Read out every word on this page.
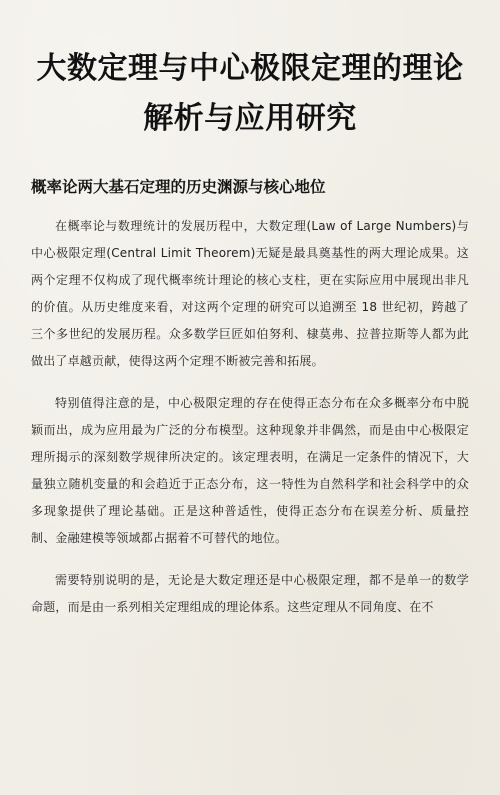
大数定理与中心极限定理的理论解析与应用研究
概率论两大基石定理的历史渊源与核心地位

在概率论与数理统计的发展历程中，大数定理(Law of Large Numbers)与中心极限定理(Central Limit Theorem)无疑是最具奠基性的两大理论成果。这两个定理不仅构成了现代概率统计理论的核心支柱，更在实际应用中展现出非凡的价值。从历史维度来看，对这两个定理的研究可以追溯至 18 世纪初，跨越了三个多世纪的发展历程。众多数学巨匠如伯努利、棣莫弗、拉普拉斯等人都为此做出了卓越贡献，使得这两个定理不断被完善和拓展。

特别值得注意的是，中心极限定理的存在使得正态分布在众多概率分布中脱颖而出，成为应用最为广泛的分布模型。这种现象并非偶然，而是由中心极限定理所揭示的深刻数学规律所决定的。该定理表明，在满足一定条件的情况下，大量独立随机变量的和会趋近于正态分布，这一特性为自然科学和社会科学中的众多现象提供了理论基础。正是这种普适性，使得正态分布在误差分析、质量控制、金融建模等领域都占据着不可替代的地位。

需要特别说明的是，无论是大数定理还是中心极限定理，都不是单一的数学命题，而是由一系列相关定理组成的理论体系。这些定理从不同角度、在不
